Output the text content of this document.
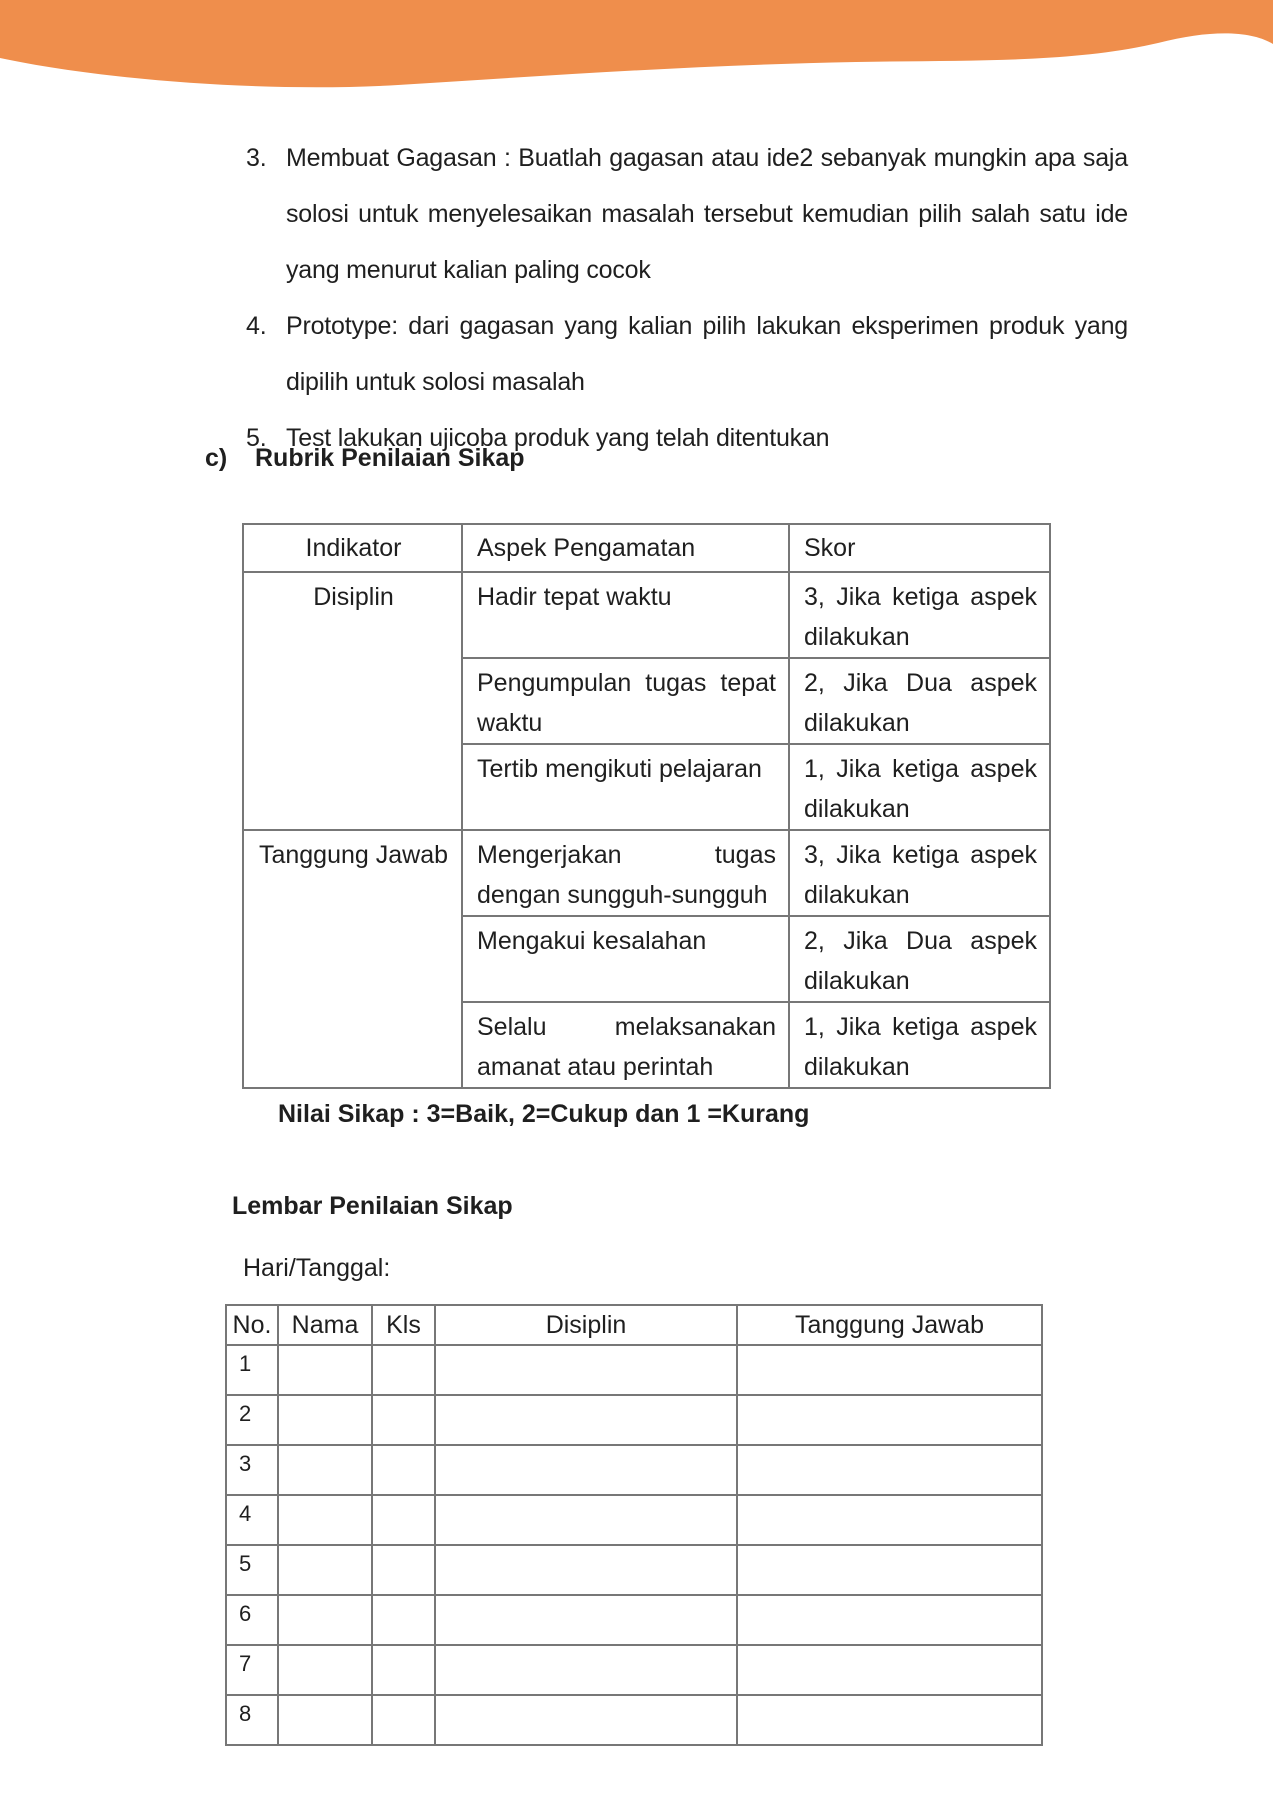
3. Membuat Gagasan : Buatlah gagasan atau ide2 sebanyak mungkin apa saja solosi untuk menyelesaikan masalah tersebut kemudian pilih salah satu ide yang menurut kalian paling cocok
4. Prototype: dari gagasan yang kalian pilih lakukan eksperimen produk yang dipilih untuk solosi masalah
5. Test lakukan ujicoba produk yang telah ditentukan
c) Rubrik Penilaian Sikap
Indikator	Aspek Pengamatan	Skor
Disiplin	Hadir tepat waktu	3, Jika ketiga aspek dilakukan
	Pengumpulan tugas tepat waktu	2, Jika Dua aspek dilakukan
	Tertib mengikuti pelajaran	1, Jika ketiga aspek dilakukan
Tanggung Jawab	Mengerjakan tugas dengan sungguh-sungguh	3, Jika ketiga aspek dilakukan
	Mengakui kesalahan	2, Jika Dua aspek dilakukan
	Selalu melaksanakan amanat atau perintah	1, Jika ketiga aspek dilakukan
Nilai Sikap : 3=Baik, 2=Cukup dan 1 =Kurang
Lembar Penilaian Sikap
Hari/Tanggal:
No.	Nama	Kls	Disiplin	Tanggung Jawab
1				
2				
3				
4				
5				
6				
7				
8				
